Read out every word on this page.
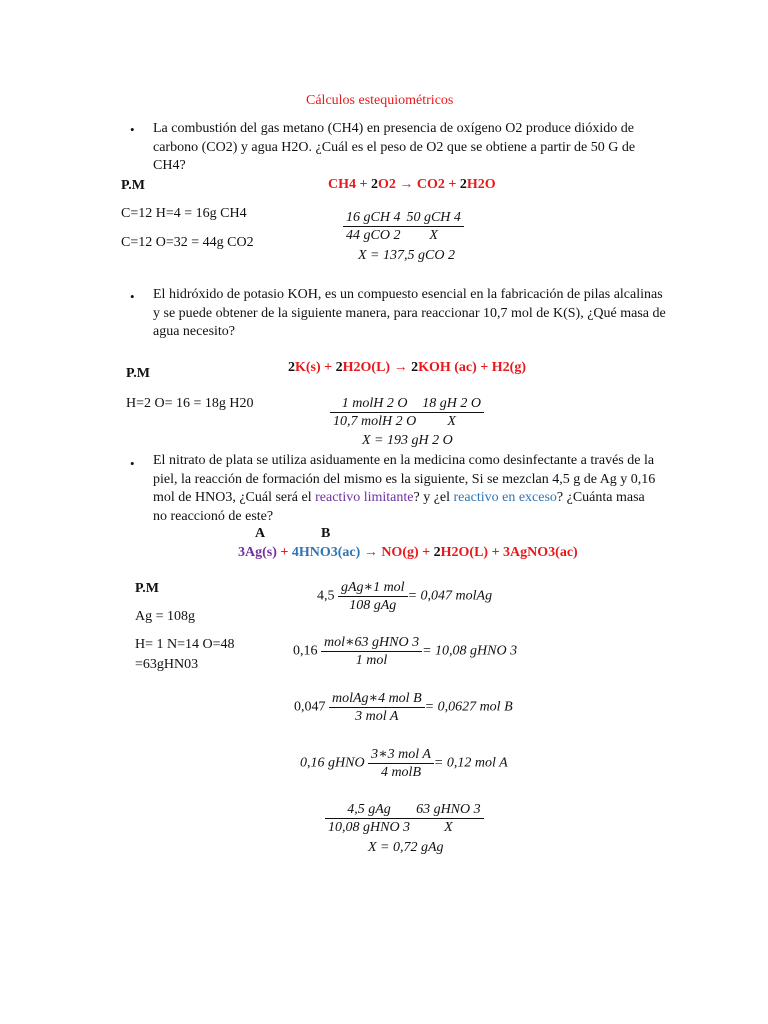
Cálculos estequiométricos
• La combustión del gas metano (CH4) en presencia de oxígeno O2 produce dióxido de carbono (CO2) y agua H2O. ¿Cuál es el peso de O2 que se obtiene a partir de 50 G de CH4?
P.M
C=12 H=4 = 16g CH4
C=12 O=32 = 44g CO2
CH4 + 2O2 → CO2 + 2H2O
$\frac{\text{16 gCH 4}}{\text{44 gCO 2}} \frac{\text{50 gCH 4}}{X}$
X = 137,5 gCO 2
• El hidróxido de potasio KOH, es un compuesto esencial en la fabricación de pilas alcalinas y se puede obtener de la siguiente manera, para reaccionar 10,7 mol de K(S), ¿Qué masa de agua necesito?
P.M
H=2 O= 16 = 18g H20
2K(s) + 2H2O(L) → 2KOH (ac) + H2(g)
$\frac{\text{1 molH 2 O}}{\text{10,7 molH 2 O}} \frac{18 gH 2 O}{X}$
X = 193 gH 2 O
• El nitrato de plata se utiliza asiduamente en la medicina como desinfectante a través de la piel, la reacción de formación del mismo es la siguiente, Si se mezclan 4,5 g de Ag y 0,16 mol de HNO3, ¿Cuál será el reactivo limitante? y ¿el reactivo en exceso? ¿Cuánta masa no reaccionó de este?
A	B
3Ag(s) + 4HNO3(ac) → NO(g) + 2H2O(L) + 3AgNO3(ac)
P.M
Ag = 108g
H= 1 N=14 O=48
=63gHN03
$4,5 \frac{\text{gAg∗1 mol}}{\text{108 gAg}} = 0,047$ molAg
$0,16 \frac{\text{mol∗63 gHNO 3}}{\text{1 mol}} = 10,08$ gHNO 3
$0,047 \frac{\text{molAg∗4 mol B}}{\text{3 mol A}} = 0,0627$ mol B
0,16 gHNO $\frac{\text{3∗3 mol A}}{\text{4 molB}} = 0,12$ mol A
$\frac{\text{4,5 gAg}}{\text{10,08 gHNO 3}} \frac{\text{63 gHNO 3}}{X}$
X = 0,72 gAg
